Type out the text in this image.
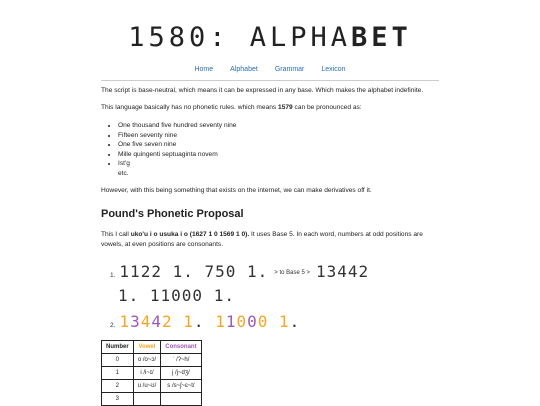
1580: ALPHABET
Home Alphabet Grammar Lexicon

The script is base-neutral, which means it can be expressed in any base. Which makes the alphabet indefinite.

This language basically has no phonetic rules. which means 1579 can be pronounced as:

• One thousand five hundred seventy nine
• Fifteen seventy nine
• One five seven nine
• Mille quingenti septuaginta novem
• Ist'g
etc.

However, with this being something that exists on the internet, we can make derivatives off it.

Pound's Phonetic Proposal

This I call uko'u i o usuka i o (1627 1 0 1569 1 0). It uses Base 5. In each word, numbers at odd positions are vowels, at even positions are consonants.

1. 1122 1. 750 1. > to Base 5 > 13442
1. 11000 1.
2. 13442 1. 11000 1.
Number	Vowel	Consonant
0	o /o~ɔ/	ˈ /ʔ~h/
1	i /i~ɪ/	j /j~dʒ/
2	u /u~ʊ/	s /s~ʃ~ɛ~t/
3		
